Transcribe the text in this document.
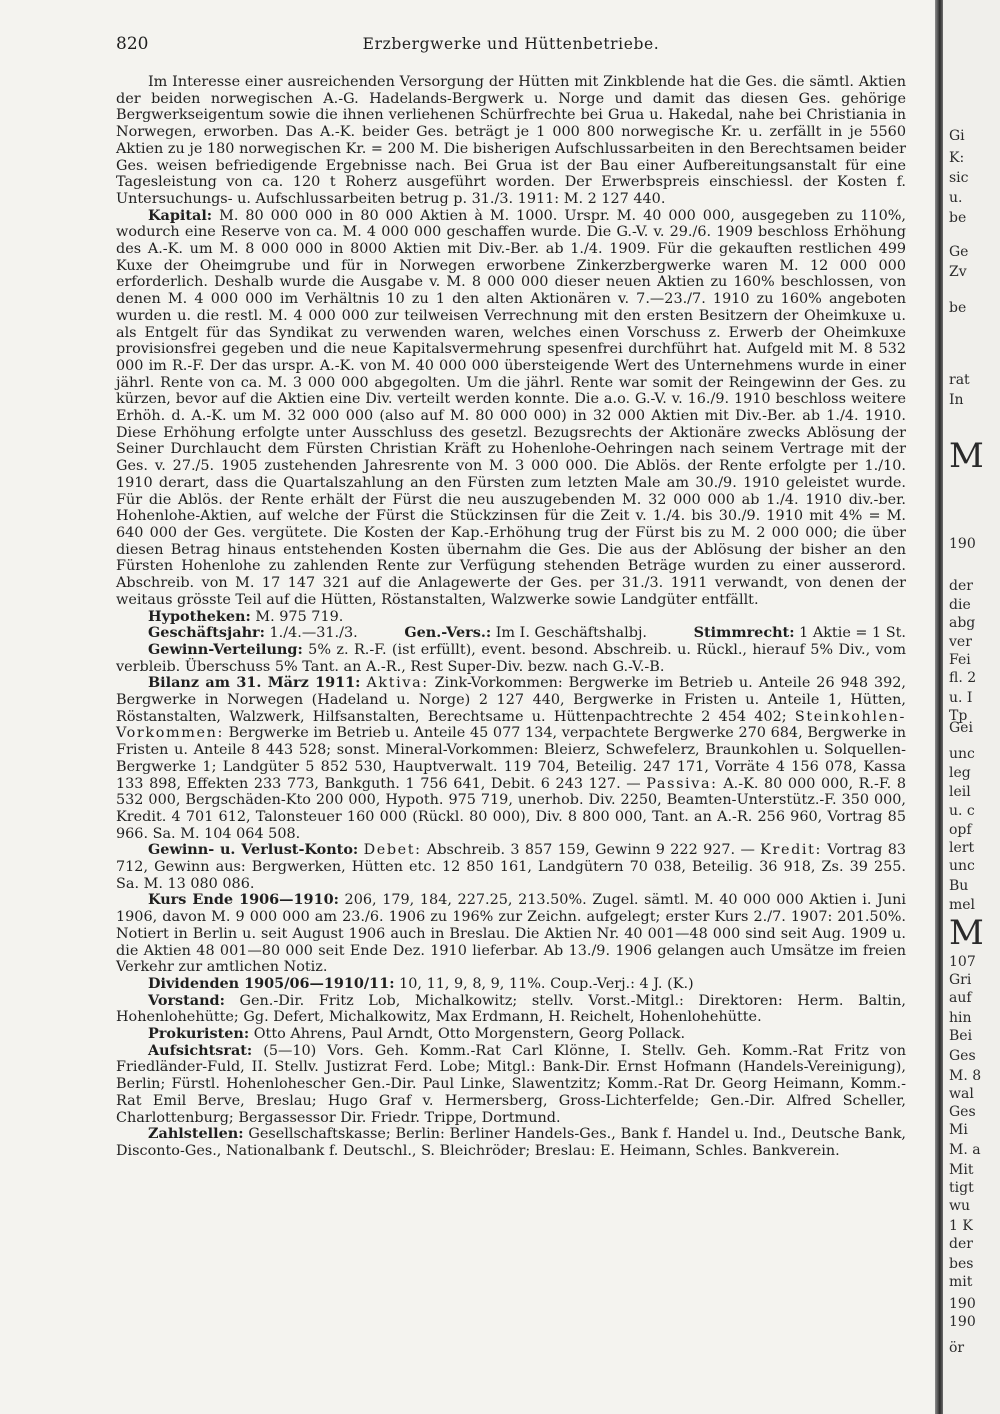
820	Erzbergwerke und Hüttenbetriebe.

Im Interesse einer ausreichenden Versorgung der Hütten mit Zinkblende hat die Ges. die sämtl. Aktien der beiden norwegischen A.-G. Hadelands-Bergwerk u. Norge und damit das diesen Ges. gehörige Bergwerkseigentum sowie die ihnen verliehenen Schürfrechte bei Grua u. Hakedal, nahe bei Christiania in Norwegen, erworben. Das A.-K. beider Ges. beträgt je 1 000 800 norwegische Kr. u. zerfällt in je 5560 Aktien zu je 180 norwegischen Kr. = 200 M. Die bisherigen Aufschlussarbeiten in den Berechtsamen beider Ges. weisen befriedigende Ergebnisse nach. Bei Grua ist der Bau einer Aufbereitungsanstalt für eine Tagesleistung von ca. 120 t Roherz ausgeführt worden. Der Erwerbspreis einschiessl. der Kosten f. Untersuchungs- u. Aufschlussarbeiten betrug p. 31./3. 1911: M. 2 127 440.

Kapital: M. 80 000 000 in 80 000 Aktien à M. 1000. Urspr. M. 40 000 000, ausgegeben zu 110%, wodurch eine Reserve von ca. M. 4 000 000 geschaffen wurde. Die G.-V. v. 29./6. 1909 beschloss Erhöhung des A.-K. um M. 8 000 000 in 8000 Aktien mit Div.-Ber. ab 1./4. 1909. Für die gekauften restlichen 499 Kuxe der Oheimgrube und für in Norwegen erworbene Zinkerzbergwerke waren M. 12 000 000 erforderlich. Deshalb wurde die Ausgabe v. M. 8 000 000 dieser neuen Aktien zu 160% beschlossen, von denen M. 4 000 000 im Verhältnis 10 zu 1 den alten Aktionären v. 7.—23./7. 1910 zu 160% angeboten wurden u. die restl. M. 4 000 000 zur teilweisen Verrechnung mit den ersten Besitzern der Oheimkuxe u. als Entgelt für das Syndikat zu verwenden waren, welches einen Vorschuss z. Erwerb der Oheimkuxe provisionsfrei gegeben und die neue Kapitalsvermehrung spesenfrei durchführt hat. Aufgeld mit M. 8 532 000 im R.-F. Der das urspr. A.-K. von M. 40 000 000 übersteigende Wert des Unternehmens wurde in einer jährl. Rente von ca. M. 3 000 000 abgegolten. Um die jährl. Rente war somit der Reingewinn der Ges. zu kürzen, bevor auf die Aktien eine Div. verteilt werden konnte. Die a.o. G.-V. v. 16./9. 1910 beschloss weitere Erhöh. d. A.-K. um M. 32 000 000 (also auf M. 80 000 000) in 32 000 Aktien mit Div.-Ber. ab 1./4. 1910. Diese Erhöhung erfolgte unter Ausschluss des gesetzl. Bezugsrechts der Aktionäre zwecks Ablösung der Seiner Durchlaucht dem Fürsten Christian Kräft zu Hohenlohe-Oehringen nach seinem Vertrage mit der Ges. v. 27./5. 1905 zustehenden Jahresrente von M. 3 000 000. Die Ablös. der Rente erfolgte per 1./10. 1910 derart, dass die Quartalszahlung an den Fürsten zum letzten Male am 30./9. 1910 geleistet wurde. Für die Ablös. der Rente erhält der Fürst die neu auszugebenden M. 32 000 000 ab 1./4. 1910 div.-ber. Hohenlohe-Aktien, auf welche der Fürst die Stückzinsen für die Zeit v. 1./4. bis 30./9. 1910 mit 4% = M. 640 000 der Ges. vergütete. Die Kosten der Kap.-Erhöhung trug der Fürst bis zu M. 2 000 000; die über diesen Betrag hinaus entstehenden Kosten übernahm die Ges. Die aus der Ablösung der bisher an den Fürsten Hohenlohe zu zahlenden Rente zur Verfügung stehenden Beträge wurden zu einer ausserord. Abschreib. von M. 17 147 321 auf die Anlagewerte der Ges. per 31./3. 1911 verwandt, von denen der weitaus grösste Teil auf die Hütten, Röstanstalten, Walzwerke sowie Landgüter entfällt.

Hypotheken: M. 975 719.

Geschäftsjahr: 1./4.—31./3.	Gen.-Vers.: Im I. Geschäftshalbj.	Stimmrecht: 1 Aktie = 1 St.

Gewinn-Verteilung: 5% z. R.-F. (ist erfüllt), event. besond. Abschreib. u. Rückl., hierauf 5% Div., vom verbleib. Überschuss 5% Tant. an A.-R., Rest Super-Div. bezw. nach G.-V.-B.

Bilanz am 31. März 1911: Aktiva: Zink-Vorkommen: Bergwerke im Betrieb u. Anteile 26 948 392, Bergwerke in Norwegen (Hadeland u. Norge) 2 127 440, Bergwerke in Fristen u. Anteile 1, Hütten, Röstanstalten, Walzwerk, Hilfsanstalten, Berechtsame u. Hüttenpachtrechte 2 454 402; Steinkohlen-Vorkommen: Bergwerke im Betrieb u. Anteile 45 077 134, verpachtete Bergwerke 270 684, Bergwerke in Fristen u. Anteile 8 443 528; sonst. Mineral-Vorkommen: Bleierz, Schwefelerz, Braunkohlen u. Solquellen-Bergwerke 1; Landgüter 5 852 530, Hauptverwalt. 119 704, Beteilig. 247 171, Vorräte 4 156 078, Kassa 133 898, Effekten 233 773, Bankguth. 1 756 641, Debit. 6 243 127. — Passiva: A.-K. 80 000 000, R.-F. 8 532 000, Bergschäden-Kto 200 000, Hypoth. 975 719, unerhob. Div. 2250, Beamten-Unterstütz.-F. 350 000, Kredit. 4 701 612, Talonsteuer 160 000 (Rückl. 80 000), Div. 8 800 000, Tant. an A.-R. 256 960, Vortrag 85 966. Sa. M. 104 064 508.

Gewinn- u. Verlust-Konto: Debet: Abschreib. 3 857 159, Gewinn 9 222 927. — Kredit: Vortrag 83 712, Gewinn aus: Bergwerken, Hütten etc. 12 850 161, Landgütern 70 038, Beteilig. 36 918, Zs. 39 255. Sa. M. 13 080 086.

Kurs Ende 1906—1910: 206, 179, 184, 227.25, 213.50%. Zugel. sämtl. M. 40 000 000 Aktien i. Juni 1906, davon M. 9 000 000 am 23./6. 1906 zu 196% zur Zeichn. aufgelegt; erster Kurs 2./7. 1907: 201.50%. Notiert in Berlin u. seit August 1906 auch in Breslau. Die Aktien Nr. 40 001—48 000 sind seit Aug. 1909 u. die Aktien 48 001—80 000 seit Ende Dez. 1910 lieferbar. Ab 13./9. 1906 gelangen auch Umsätze im freien Verkehr zur amtlichen Notiz.

Dividenden 1905/06—1910/11: 10, 11, 9, 8, 9, 11%. Coup.-Verj.: 4 J. (K.)

Vorstand: Gen.-Dir. Fritz Lob, Michalkowitz; stellv. Vorst.-Mitgl.: Direktoren: Herm. Baltin, Hohenlohehütte; Gg. Defert, Michalkowitz, Max Erdmann, H. Reichelt, Hohenlohehütte.

Prokuristen: Otto Ahrens, Paul Arndt, Otto Morgenstern, Georg Pollack.

Aufsichtsrat: (5—10) Vors. Geh. Komm.-Rat Carl Klönne, I. Stellv. Geh. Komm.-Rat Fritz von Friedländer-Fuld, II. Stellv. Justizrat Ferd. Lobe; Mitgl.: Bank-Dir. Ernst Hofmann (Handels-Vereinigung), Berlin; Fürstl. Hohenlohescher Gen.-Dir. Paul Linke, Slawentzitz; Komm.-Rat Dr. Georg Heimann, Komm.-Rat Emil Berve, Breslau; Hugo Graf v. Hermersberg, Gross-Lichterfelde; Gen.-Dir. Alfred Scheller, Charlottenburg; Bergassessor Dir. Friedr. Trippe, Dortmund.

Zahlstellen: Gesellschaftskasse; Berlin: Berliner Handels-Ges., Bank f. Handel u. Ind., Deutsche Bank, Disconto-Ges., Nationalbank f. Deutschl., S. Bleichröder; Breslau: E. Heimann, Schles. Bankverein.

Gi
K:
sic
u.
be
Ge
Zv
be
rat
In
M
190
der
die
abg
ver
Fei
fl. 2
u. I
Tp
Gei
unc
leg
leil
u. c
opf
lert
unc
Bu
mel
M
107
Gri
auf
hin
Bei
Ges
M. 8
wal
Ges
Mi
M. a
Mit
tigt
wu
1 K
der
bes
mit
190
190
ör
